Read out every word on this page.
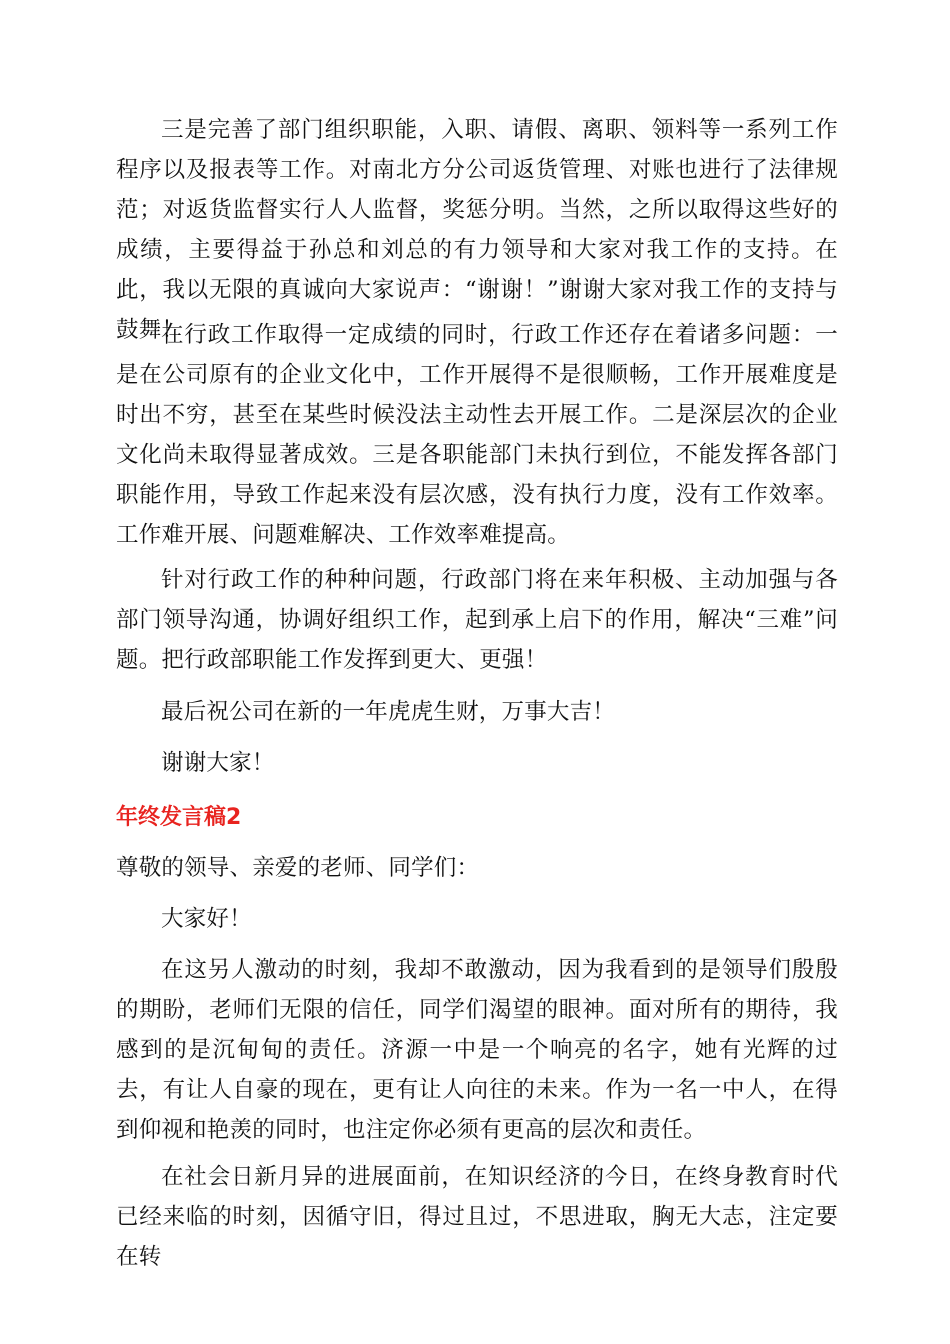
三是完善了部门组织职能，入职、请假、离职、领料等一系列工作程序以及报表等工作。对南北方分公司返货管理、对账也进行了法律规范；对返货监督实行人人监督，奖惩分明。当然，之所以取得这些好的成绩，主要得益于孙总和刘总的有力领导和大家对我工作的支持。在此，我以无限的真诚向大家说声：“谢谢！”谢谢大家对我工作的支持与鼓舞！

在行政工作取得一定成绩的同时，行政工作还存在着诸多问题：一是在公司原有的企业文化中，工作开展得不是很顺畅，工作开展难度是时出不穷，甚至在某些时候没法主动性去开展工作。二是深层次的企业文化尚未取得显著成效。三是各职能部门未执行到位，不能发挥各部门职能作用，导致工作起来没有层次感，没有执行力度，没有工作效率。工作难开展、问题难解决、工作效率难提高。

针对行政工作的种种问题，行政部门将在来年积极、主动加强与各部门领导沟通，协调好组织工作，起到承上启下的作用，解决“三难”问题。把行政部职能工作发挥到更大、更强！

最后祝公司在新的一年虎虎生财，万事大吉！

谢谢大家！

年终发言稿2

尊敬的领导、亲爱的老师、同学们：

大家好！

在这另人激动的时刻，我却不敢激动，因为我看到的是领导们殷殷的期盼，老师们无限的信任，同学们渴望的眼神。面对所有的期待，我感到的是沉甸甸的责任。济源一中是一个响亮的名字，她有光辉的过去，有让人自豪的现在，更有让人向往的未来。作为一名一中人，在得到仰视和艳羡的同时，也注定你必须有更高的层次和责任。

在社会日新月异的进展面前，在知识经济的今日，在终身教育时代已经来临的时刻，因循守旧，得过且过，不思进取，胸无大志，注定要在转
